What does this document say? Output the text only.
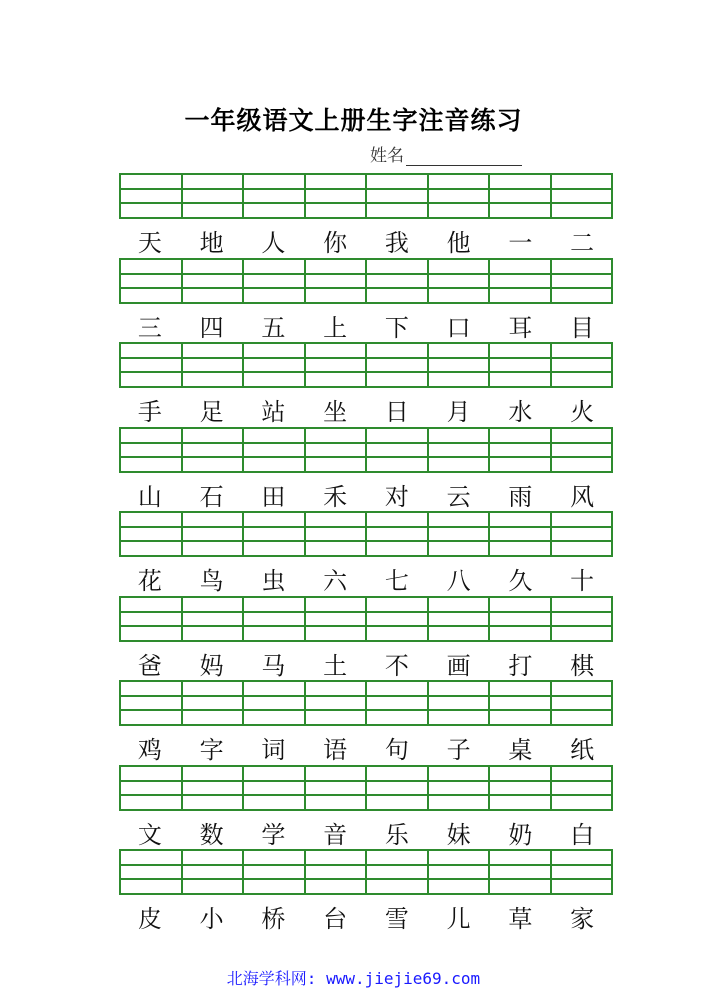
一年级语文上册生字注音练习
姓名
天	地	人	你	我	他	一	二
三	四	五	上	下	口	耳	目
手	足	站	坐	日	月	水	火
山	石	田	禾	对	云	雨	风
花	鸟	虫	六	七	八	久	十
爸	妈	马	土	不	画	打	棋
鸡	字	词	语	句	子	桌	纸
文	数	学	音	乐	妹	奶	白
皮	小	桥	台	雪	儿	草	家
北海学科网: www.jiejie69.com
